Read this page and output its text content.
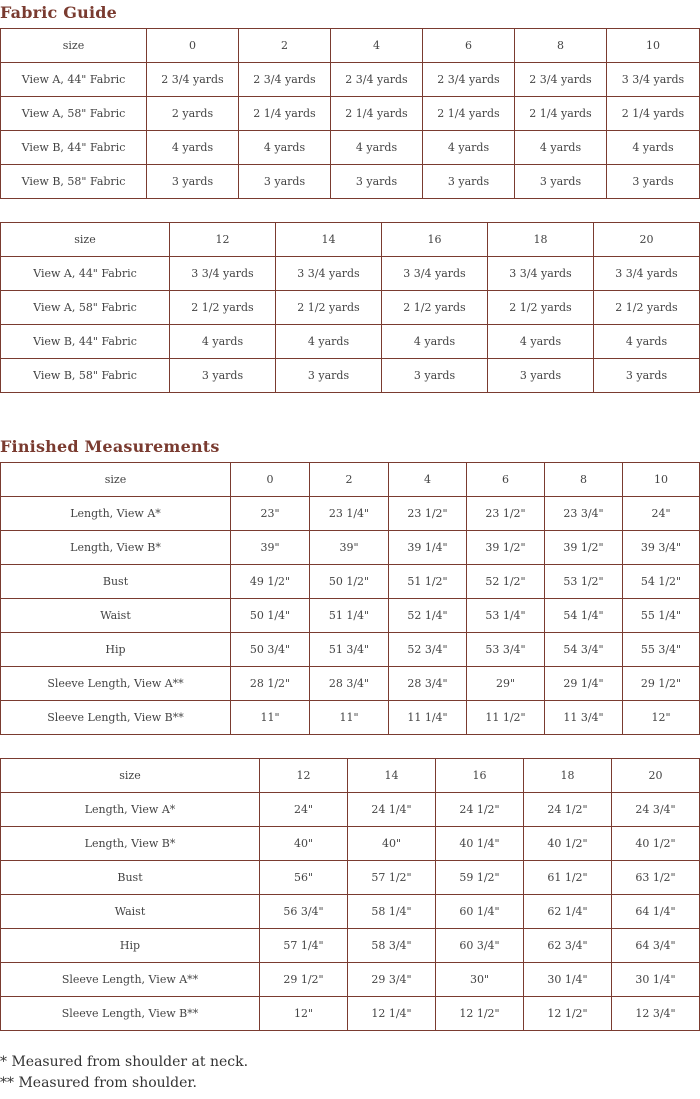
Fabric Guide
size	0	2	4	6	8	10
View A, 44" Fabric	2 3/4 yards	2 3/4 yards	2 3/4 yards	2 3/4 yards	2 3/4 yards	3 3/4 yards
View A, 58" Fabric	2 yards	2 1/4 yards	2 1/4 yards	2 1/4 yards	2 1/4 yards	2 1/4 yards
View B, 44" Fabric	4 yards	4 yards	4 yards	4 yards	4 yards	4 yards
View B, 58" Fabric	3 yards	3 yards	3 yards	3 yards	3 yards	3 yards
size	12	14	16	18	20
View A, 44" Fabric	3 3/4 yards	3 3/4 yards	3 3/4 yards	3 3/4 yards	3 3/4 yards
View A, 58" Fabric	2 1/2 yards	2 1/2 yards	2 1/2 yards	2 1/2 yards	2 1/2 yards
View B, 44" Fabric	4 yards	4 yards	4 yards	4 yards	4 yards
View B, 58" Fabric	3 yards	3 yards	3 yards	3 yards	3 yards
Finished Measurements
size	0	2	4	6	8	10
Length, View A*	23"	23 1/4"	23 1/2"	23 1/2"	23 3/4"	24"
Length, View B*	39"	39"	39 1/4"	39 1/2"	39 1/2"	39 3/4"
Bust	49 1/2"	50 1/2"	51 1/2"	52 1/2"	53 1/2"	54 1/2"
Waist	50 1/4"	51 1/4"	52 1/4"	53 1/4"	54 1/4"	55 1/4"
Hip	50 3/4"	51 3/4"	52 3/4"	53 3/4"	54 3/4"	55 3/4"
Sleeve Length, View A**	28 1/2"	28 3/4"	28 3/4"	29"	29 1/4"	29 1/2"
Sleeve Length, View B**	11"	11"	11 1/4"	11 1/2"	11 3/4"	12"
size	12	14	16	18	20
Length, View A*	24"	24 1/4"	24 1/2"	24 1/2"	24 3/4"
Length, View B*	40"	40"	40 1/4"	40 1/2"	40 1/2"
Bust	56"	57 1/2"	59 1/2"	61 1/2"	63 1/2"
Waist	56 3/4"	58 1/4"	60 1/4"	62 1/4"	64 1/4"
Hip	57 1/4"	58 3/4"	60 3/4"	62 3/4"	64 3/4"
Sleeve Length, View A**	29 1/2"	29 3/4"	30"	30 1/4"	30 1/4"
Sleeve Length, View B**	12"	12 1/4"	12 1/2"	12 1/2"	12 3/4"

* Measured from shoulder at neck.

** Measured from shoulder.
